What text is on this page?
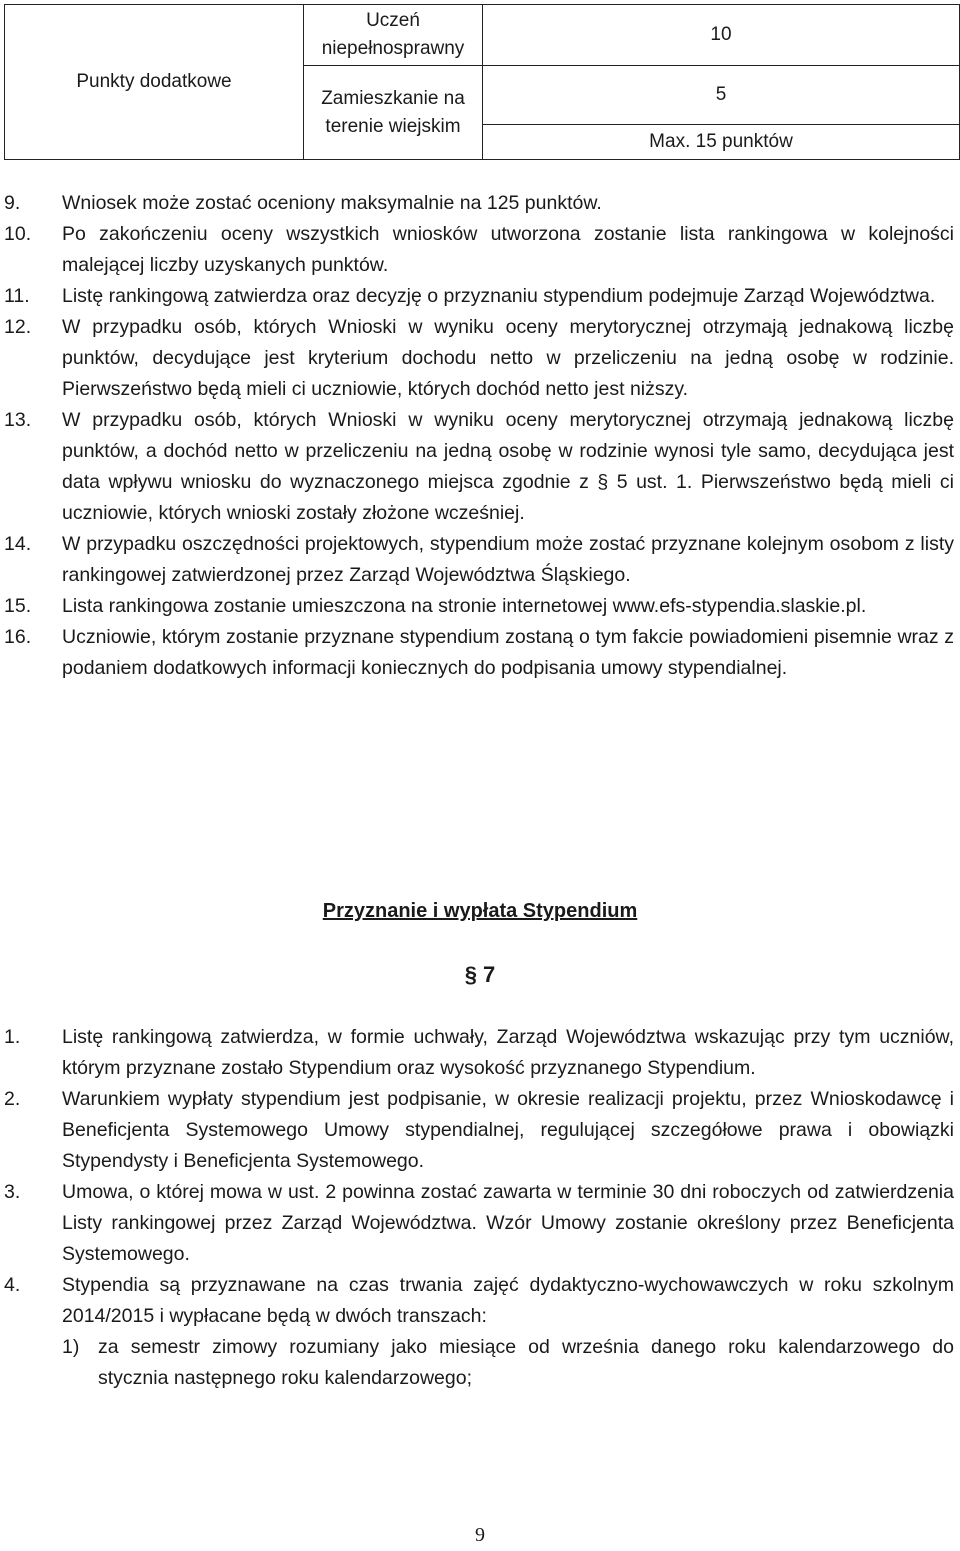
Punkty dodatkowe	Uczeń niepełnosprawny	10
	Zamieszkanie na terenie wiejskim	5
		Max. 15 punktów
9. Wniosek może zostać oceniony maksymalnie na 125 punktów.
10. Po zakończeniu oceny wszystkich wniosków utworzona zostanie lista rankingowa w kolejności malejącej liczby uzyskanych punktów.
11. Listę rankingową zatwierdza oraz decyzję o przyznaniu stypendium podejmuje Zarząd Województwa.
12. W przypadku osób, których Wnioski w wyniku oceny merytorycznej otrzymają jednakową liczbę punktów, decydujące jest kryterium dochodu netto w przeliczeniu na jedną osobę w rodzinie. Pierwszeństwo będą mieli ci uczniowie, których dochód netto jest niższy.
13. W przypadku osób, których Wnioski w wyniku oceny merytorycznej otrzymają jednakową liczbę punktów, a dochód netto w przeliczeniu na jedną osobę w rodzinie wynosi tyle samo, decydująca jest data wpływu wniosku do wyznaczonego miejsca zgodnie z § 5 ust. 1. Pierwszeństwo będą mieli ci uczniowie, których wnioski zostały złożone wcześniej.
14. W przypadku oszczędności projektowych, stypendium może zostać przyznane kolejnym osobom z listy rankingowej zatwierdzonej przez Zarząd Województwa Śląskiego.
15. Lista rankingowa zostanie umieszczona na stronie internetowej www.efs-stypendia.slaskie.pl.
16. Uczniowie, którym zostanie przyznane stypendium zostaną o tym fakcie powiadomieni pisemnie wraz z podaniem dodatkowych informacji koniecznych do podpisania umowy stypendialnej.
Przyznanie i wypłata Stypendium
§ 7
1. Listę rankingową zatwierdza, w formie uchwały, Zarząd Województwa wskazując przy tym uczniów, którym przyznane zostało Stypendium oraz wysokość przyznanego Stypendium.
2. Warunkiem wypłaty stypendium jest podpisanie, w okresie realizacji projektu, przez Wnioskodawcę i Beneficjenta Systemowego Umowy stypendialnej, regulującej szczegółowe prawa i obowiązki Stypendysty i Beneficjenta Systemowego.
3. Umowa, o której mowa w ust. 2 powinna zostać zawarta w terminie 30 dni roboczych od zatwierdzenia Listy rankingowej przez Zarząd Województwa. Wzór Umowy zostanie określony przez Beneficjenta Systemowego.
4. Stypendia są przyznawane na czas trwania zajęć dydaktyczno-wychowawczych w roku szkolnym 2014/2015 i wypłacane będą w dwóch transzach:
1) za semestr zimowy rozumiany jako miesiące od września danego roku kalendarzowego do stycznia następnego roku kalendarzowego;
9
